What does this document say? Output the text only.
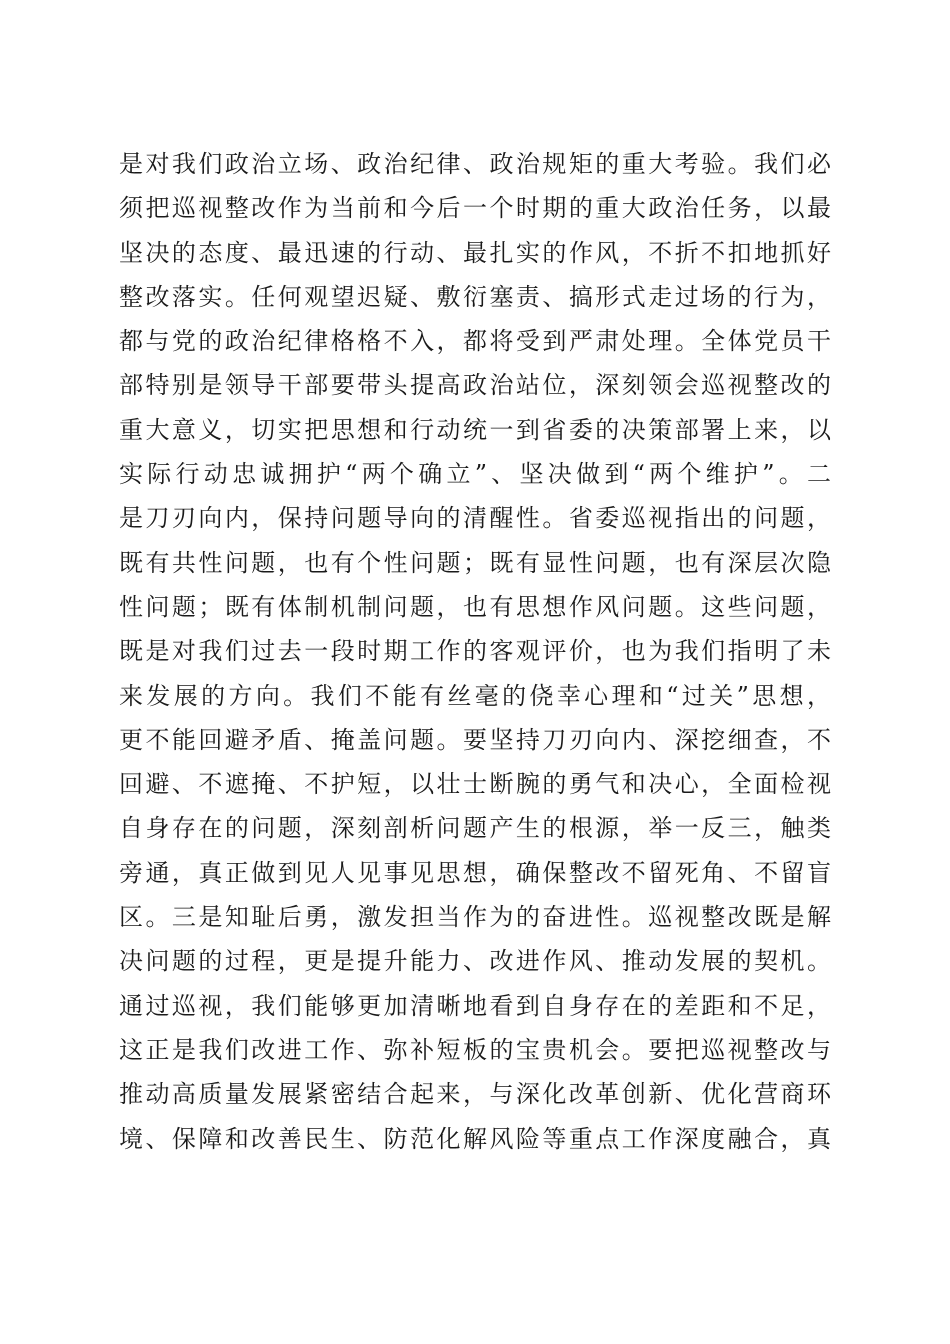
是对我们政治立场、政治纪律、政治规矩的重大考验。我们必
须把巡视整改作为当前和今后一个时期的重大政治任务，以最
坚决的态度、最迅速的行动、最扎实的作风，不折不扣地抓好
整改落实。任何观望迟疑、敷衍塞责、搞形式走过场的行为，
都与党的政治纪律格格不入，都将受到严肃处理。全体党员干
部特别是领导干部要带头提高政治站位，深刻领会巡视整改的
重大意义，切实把思想和行动统一到省委的决策部署上来，以
实际行动忠诚拥护“两个确立”、坚决做到“两个维护”。二
是刀刃向内，保持问题导向的清醒性。省委巡视指出的问题，
既有共性问题，也有个性问题；既有显性问题，也有深层次隐
性问题；既有体制机制问题，也有思想作风问题。这些问题，
既是对我们过去一段时期工作的客观评价，也为我们指明了未
来发展的方向。我们不能有丝毫的侥幸心理和“过关”思想，
更不能回避矛盾、掩盖问题。要坚持刀刃向内、深挖细查，不
回避、不遮掩、不护短，以壮士断腕的勇气和决心，全面检视
自身存在的问题，深刻剖析问题产生的根源，举一反三，触类
旁通，真正做到见人见事见思想，确保整改不留死角、不留盲
区。三是知耻后勇，激发担当作为的奋进性。巡视整改既是解
决问题的过程，更是提升能力、改进作风、推动发展的契机。
通过巡视，我们能够更加清晰地看到自身存在的差距和不足，
这正是我们改进工作、弥补短板的宝贵机会。要把巡视整改与
推动高质量发展紧密结合起来，与深化改革创新、优化营商环
境、保障和改善民生、防范化解风险等重点工作深度融合，真
